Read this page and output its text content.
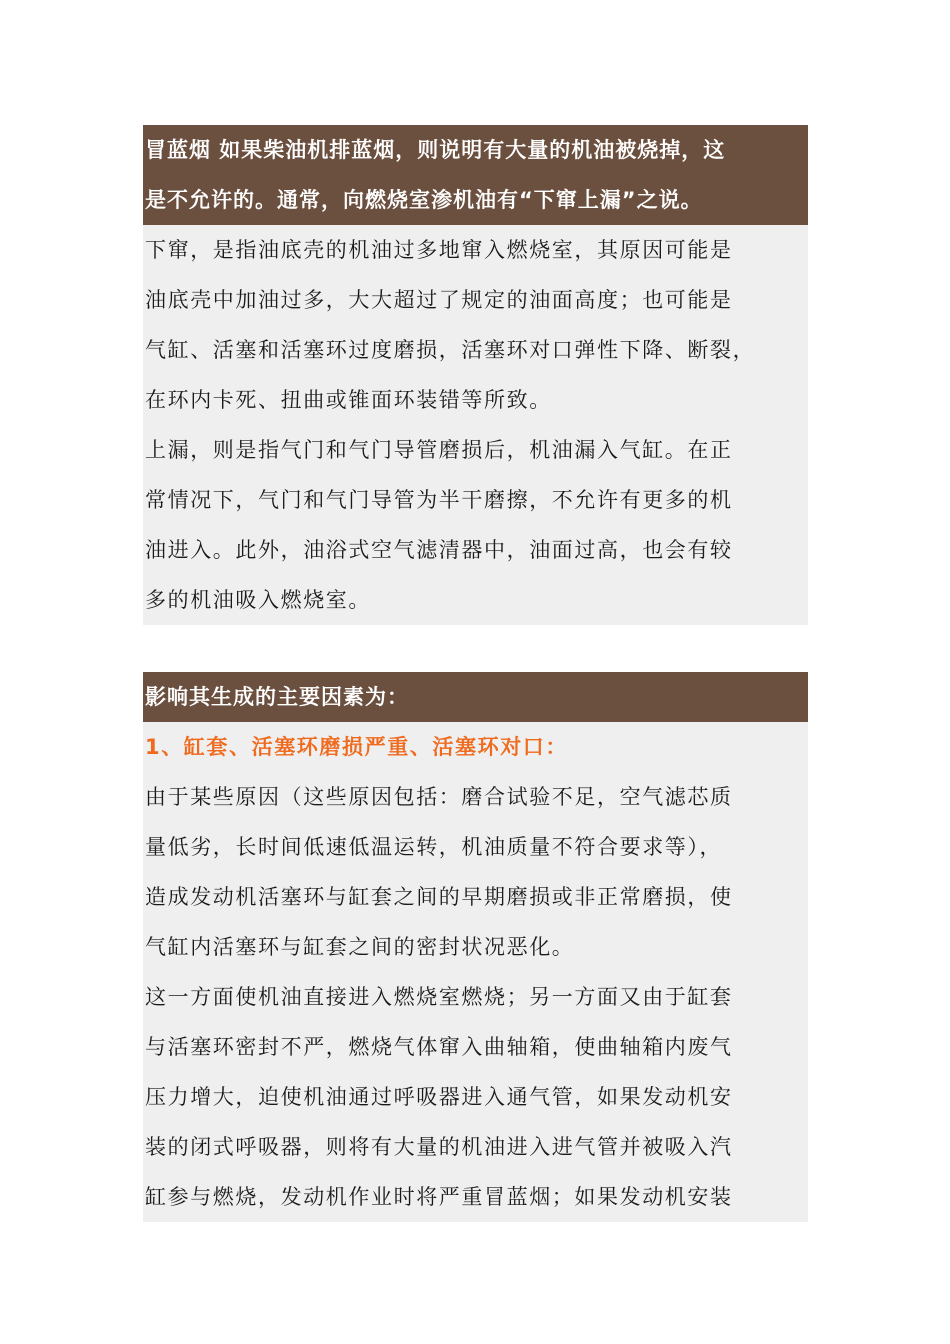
冒蓝烟 如果柴油机排蓝烟，则说明有大量的机油被烧掉，这
是不允许的。通常，向燃烧室渗机油有“下窜上漏”之说。
下窜，是指油底壳的机油过多地窜入燃烧室，其原因可能是
油底壳中加油过多，大大超过了规定的油面高度；也可能是
气缸、活塞和活塞环过度磨损，活塞环对口弹性下降、断裂，
在环内卡死、扭曲或锥面环装错等所致。
上漏，则是指气门和气门导管磨损后，机油漏入气缸。在正
常情况下，气门和气门导管为半干磨擦，不允许有更多的机
油进入。此外，油浴式空气滤清器中，油面过高，也会有较
多的机油吸入燃烧室。
影响其生成的主要因素为：
1、缸套、活塞环磨损严重、活塞环对口：
由于某些原因（这些原因包括：磨合试验不足，空气滤芯质
量低劣，长时间低速低温运转，机油质量不符合要求等），
造成发动机活塞环与缸套之间的早期磨损或非正常磨损，使
气缸内活塞环与缸套之间的密封状况恶化。
这一方面使机油直接进入燃烧室燃烧；另一方面又由于缸套
与活塞环密封不严，燃烧气体窜入曲轴箱，使曲轴箱内废气
压力增大，迫使机油通过呼吸器进入通气管，如果发动机安
装的闭式呼吸器，则将有大量的机油进入进气管并被吸入汽
缸参与燃烧，发动机作业时将严重冒蓝烟；如果发动机安装
